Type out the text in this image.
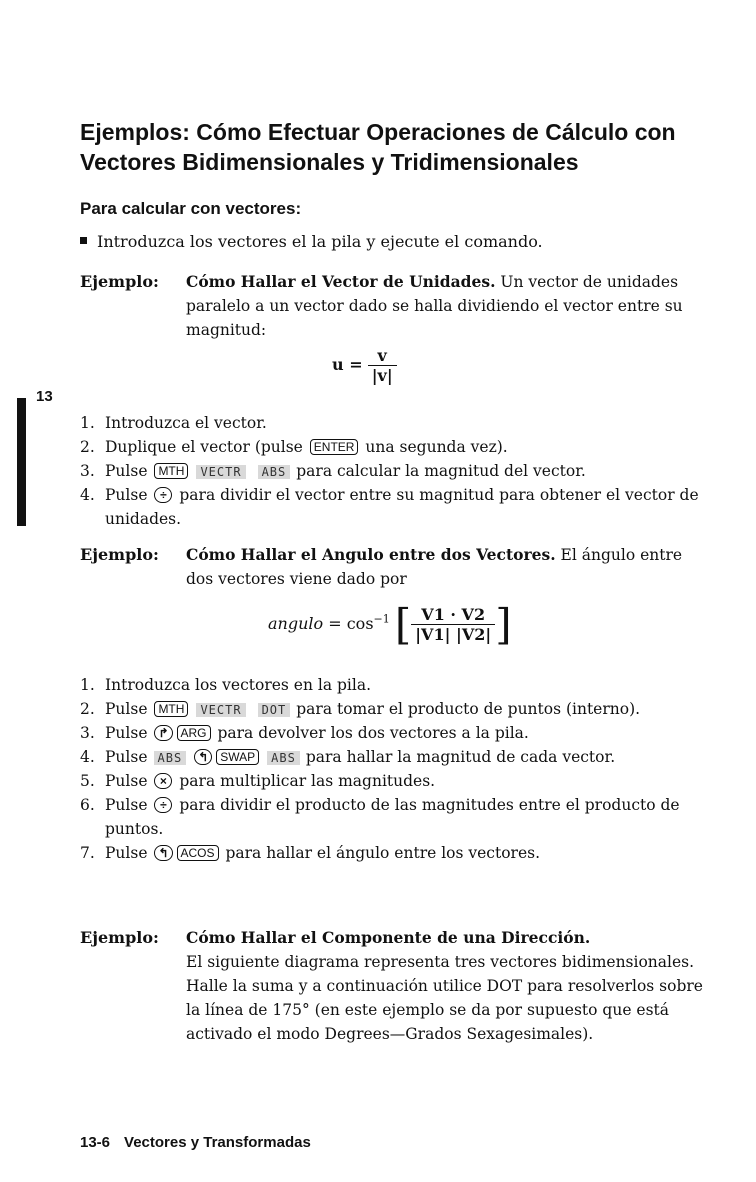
Ejemplos: Cómo Efectuar Operaciones de Cálculo con Vectores Bidimensionales y Tridimensionales
Para calcular con vectores:
Introduzca los vectores el la pila y ejecute el comando.
Ejemplo: Cómo Hallar el Vector de Unidades. Un vector de unidades paralelo a un vector dado se halla dividiendo el vector entre su magnitud:
$u = \frac{v}{|v|}$
13
1. Introduzca el vector.
2. Duplique el vector (pulse ENTER una segunda vez).
3. Pulse MTH VECTR ABS para calcular la magnitud del vector.
4. Pulse ÷ para dividir el vector entre su magnitud para obtener el vector de unidades.
Ejemplo: Cómo Hallar el Angulo entre dos Vectores. El ángulo entre dos vectores viene dado por
angulo = $\cos^{-1}$ [ $\frac{V1 \cdot V2}{|V1| |V2|}$ ]
1. Introduzca los vectores en la pila.
2. Pulse MTH VECTR DOT para tomar el producto de puntos (interno).
3. Pulse ↱ ARG para devolver los dos vectores a la pila.
4. Pulse ABS ↰ SWAP ABS para hallar la magnitud de cada vector.
5. Pulse × para multiplicar las magnitudes.
6. Pulse ÷ para dividir el producto de las magnitudes entre el producto de puntos.
7. Pulse ↰ ACOS para hallar el ángulo entre los vectores.
Ejemplo: Cómo Hallar el Componente de una Dirección.
El siguiente diagrama representa tres vectores bidimensionales. Halle la suma y a continuación utilice DOT para resolverlos sobre la línea de 175° (en este ejemplo se da por supuesto que está activado el modo Degrees—Grados Sexagesimales).
13-6 Vectores y Transformadas
